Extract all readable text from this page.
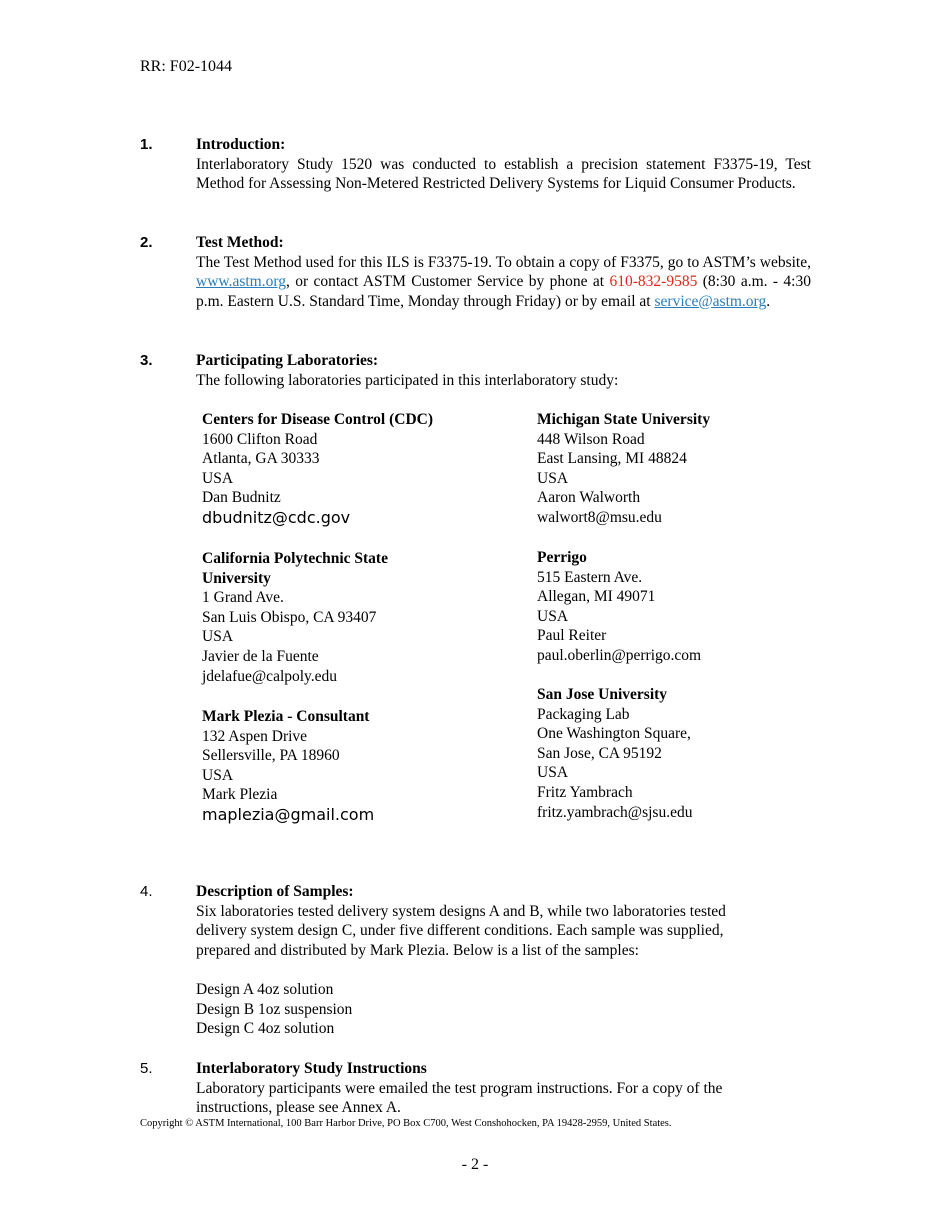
RR: F02-1044
1.	Introduction:
Interlaboratory Study 1520 was conducted to establish a precision statement F3375-19, Test Method for Assessing Non-Metered Restricted Delivery Systems for Liquid Consumer Products.
2.	Test Method:
The Test Method used for this ILS is F3375-19. To obtain a copy of F3375, go to ASTM’s website, www.astm.org, or contact ASTM Customer Service by phone at 610-832-9585 (8:30 a.m. - 4:30 p.m. Eastern U.S. Standard Time, Monday through Friday) or by email at service@astm.org.
3.	Participating Laboratories:
The following laboratories participated in this interlaboratory study:
Centers for Disease Control (CDC)
1600 Clifton Road
Atlanta, GA 30333
USA
Dan Budnitz
dbudnitz@cdc.gov
California Polytechnic State
University
1 Grand Ave.
San Luis Obispo, CA 93407
USA
Javier de la Fuente
jdelafue@calpoly.edu
Mark Plezia - Consultant
132 Aspen Drive
Sellersville, PA 18960
USA
Mark Plezia
maplezia@gmail.com
Michigan State University
448 Wilson Road
East Lansing, MI 48824
USA
Aaron Walworth
walwort8@msu.edu
Perrigo
515 Eastern Ave.
Allegan, MI 49071
USA
Paul Reiter
paul.oberlin@perrigo.com
San Jose University
Packaging Lab
One Washington Square,
San Jose, CA 95192
USA
Fritz Yambrach
fritz.yambrach@sjsu.edu
4.	Description of Samples:
Six laboratories tested delivery system designs A and B, while two laboratories tested delivery system design C, under five different conditions. Each sample was supplied, prepared and distributed by Mark Plezia. Below is a list of the samples:
Design A 4oz solution
Design B 1oz suspension
Design C 4oz solution
5.	Interlaboratory Study Instructions
Laboratory participants were emailed the test program instructions. For a copy of the instructions, please see Annex A.
Copyright © ASTM International, 100 Barr Harbor Drive, PO Box C700, West Conshohocken, PA 19428-2959, United States.
- 2 -
